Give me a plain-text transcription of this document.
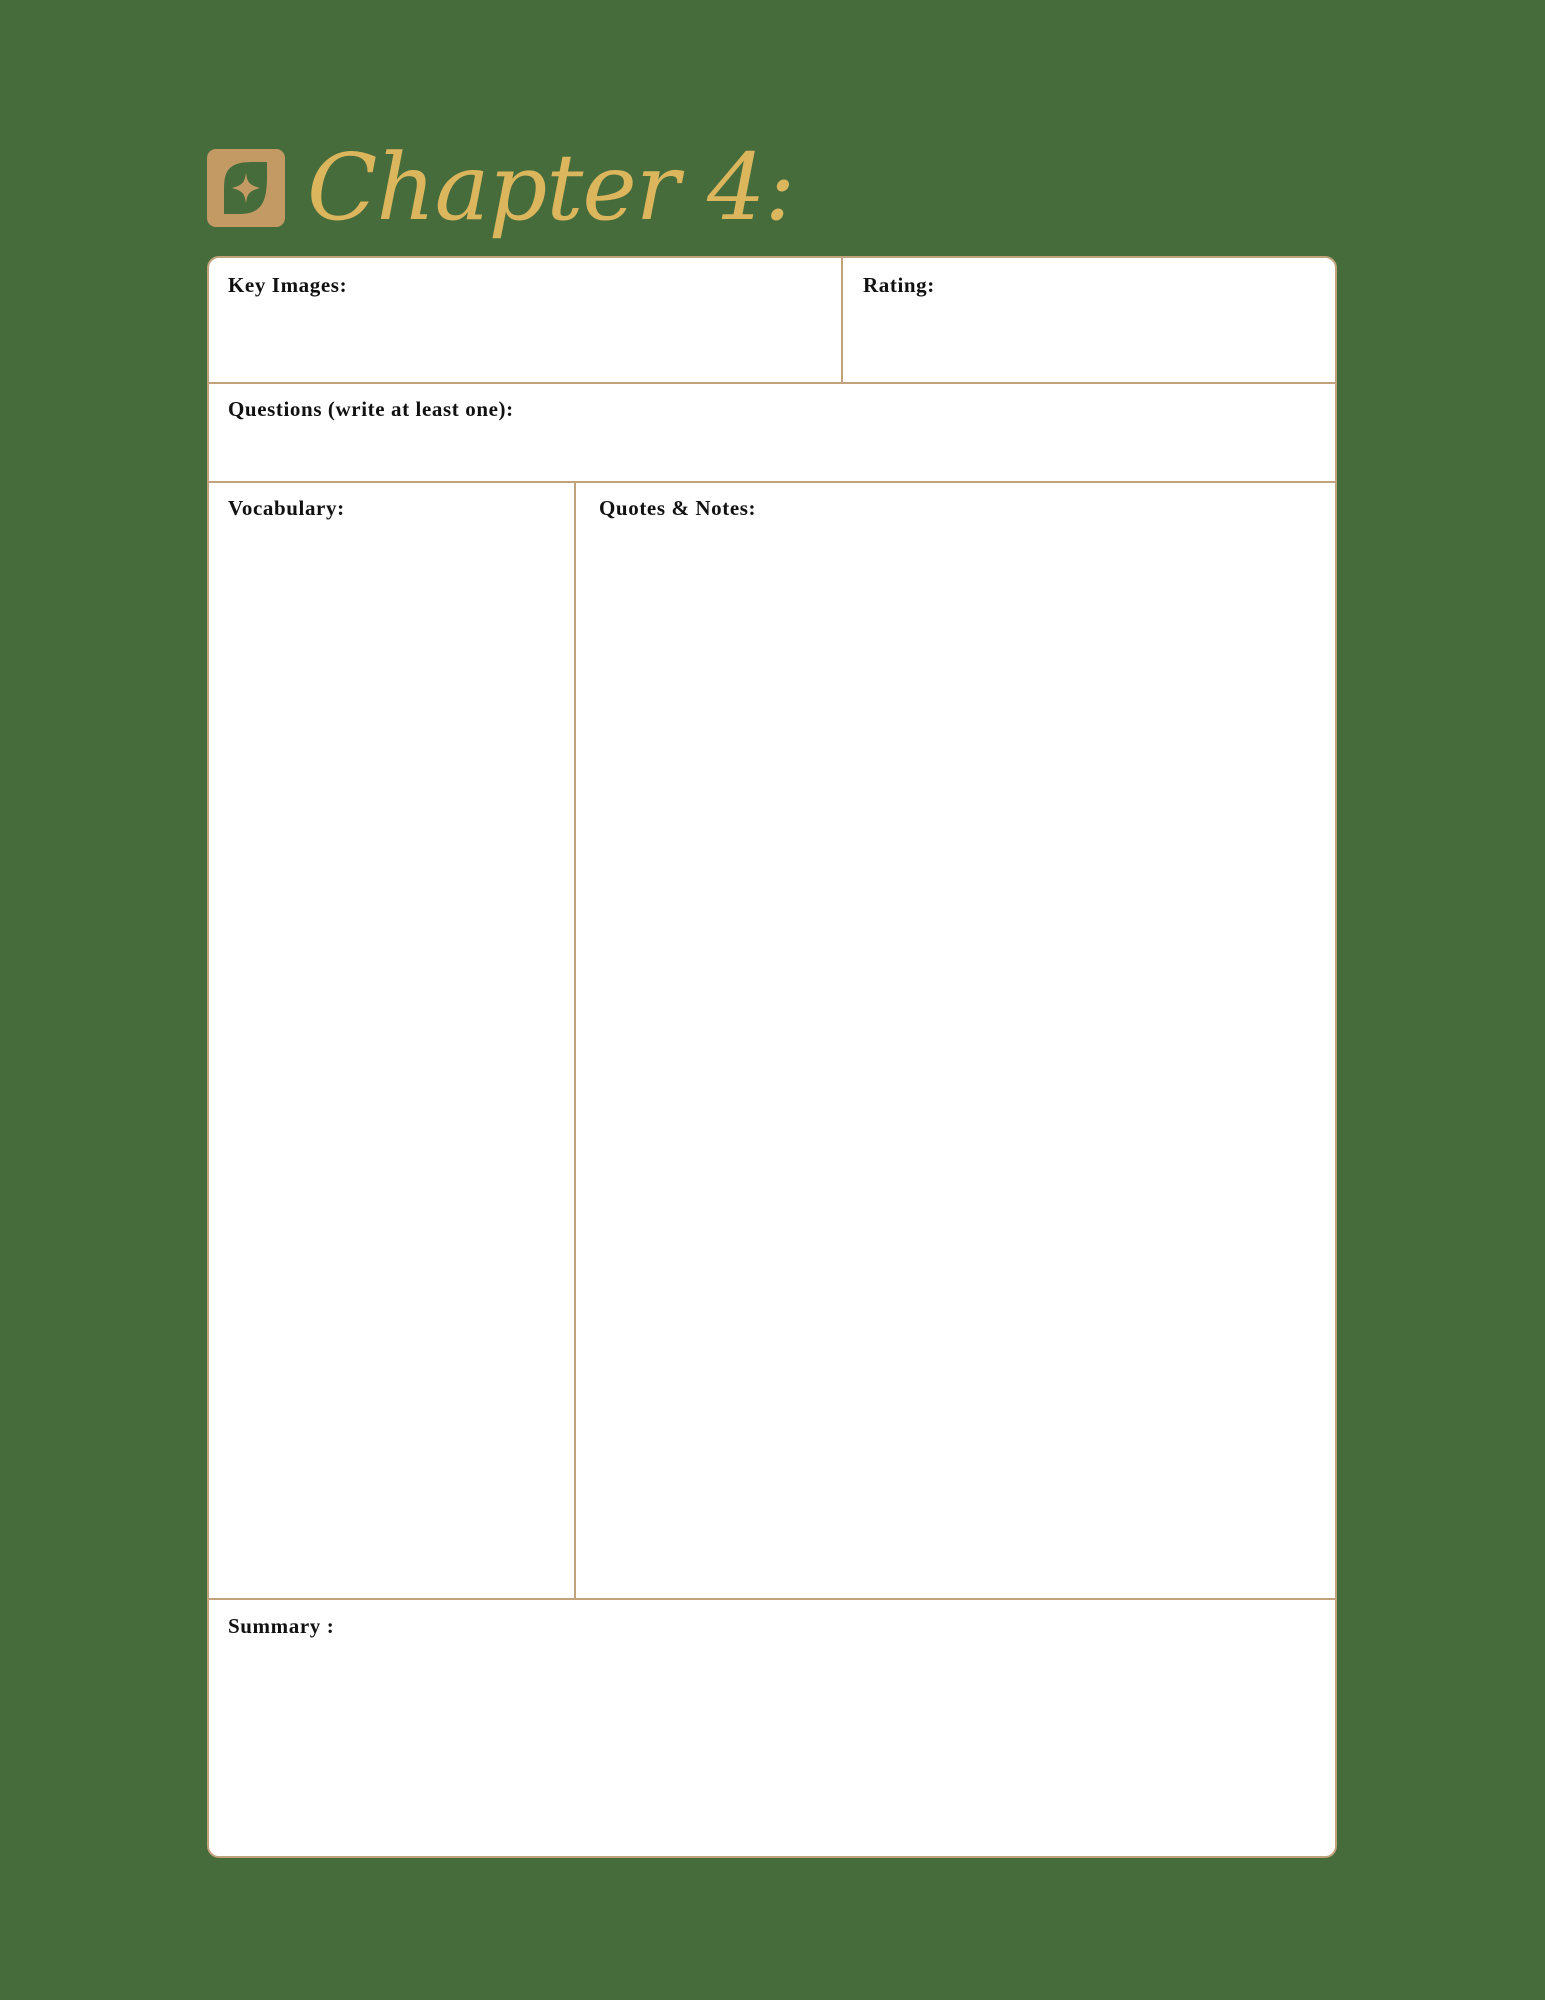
Chapter 4:

Key Images:	Rating:

Questions (write at least one):

Vocabulary:	Quotes & Notes:

Summary :
